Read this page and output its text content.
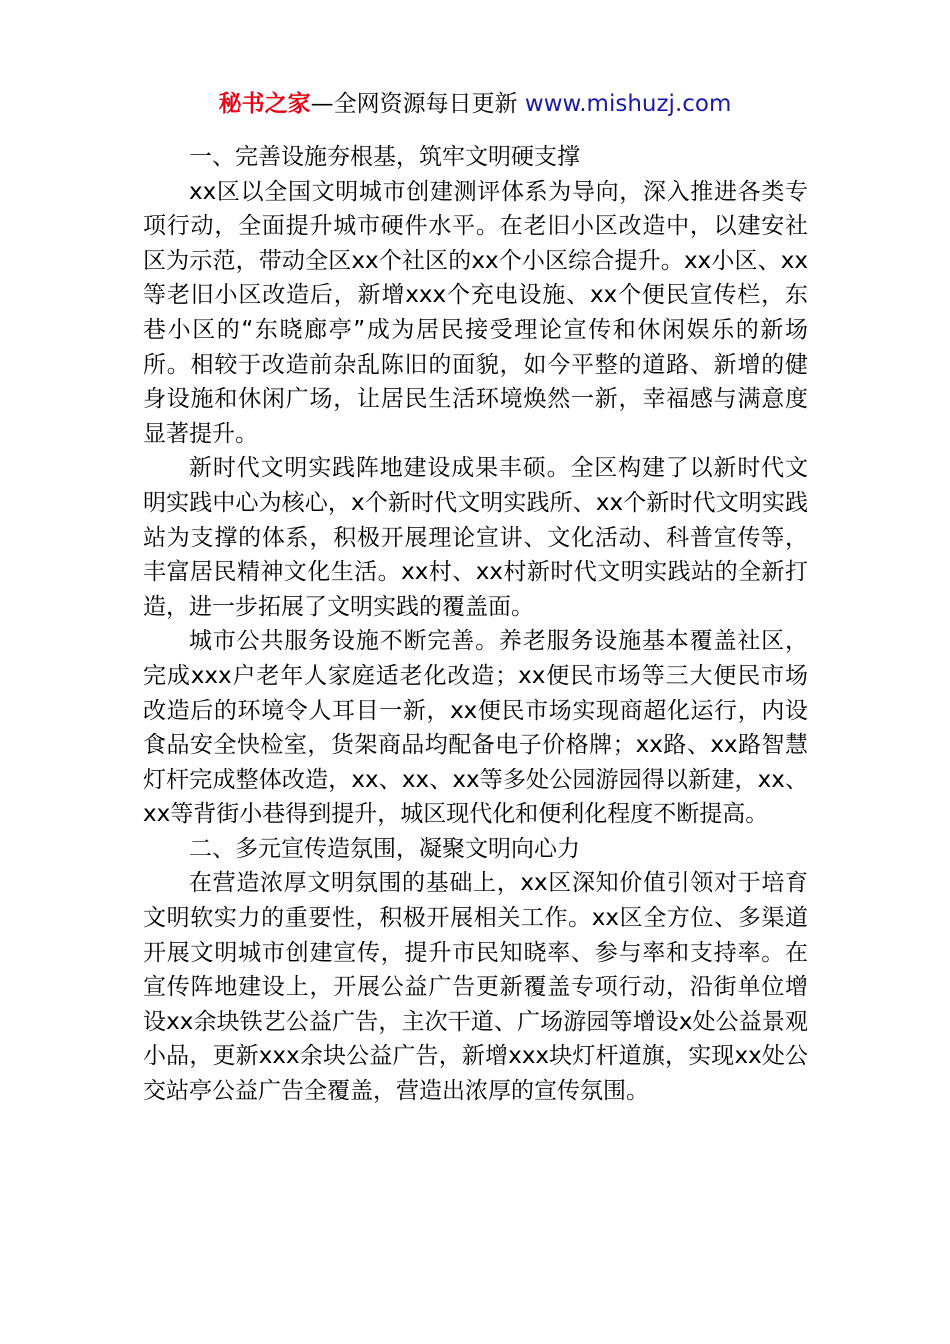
秘书之家—全网资源每日更新 www.mishuzj.com

一、完善设施夯根基，筑牢文明硬支撑

xx区以全国文明城市创建测评体系为导向，深入推进各类专项行动，全面提升城市硬件水平。在老旧小区改造中，以建安社区为示范，带动全区xx个社区的xx个小区综合提升。xx小区、xx等老旧小区改造后，新增xxx个充电设施、xx个便民宣传栏，东巷小区的“东晓廊亭”成为居民接受理论宣传和休闲娱乐的新场所。相较于改造前杂乱陈旧的面貌，如今平整的道路、新增的健身设施和休闲广场，让居民生活环境焕然一新，幸福感与满意度显著提升。

新时代文明实践阵地建设成果丰硕。全区构建了以新时代文明实践中心为核心，x个新时代文明实践所、xx个新时代文明实践站为支撑的体系，积极开展理论宣讲、文化活动、科普宣传等，丰富居民精神文化生活。xx村、xx村新时代文明实践站的全新打造，进一步拓展了文明实践的覆盖面。

城市公共服务设施不断完善。养老服务设施基本覆盖社区，完成xxx户老年人家庭适老化改造；xx便民市场等三大便民市场改造后的环境令人耳目一新，xx便民市场实现商超化运行，内设食品安全快检室，货架商品均配备电子价格牌；xx路、xx路智慧灯杆完成整体改造，xx、xx、xx等多处公园游园得以新建，xx、xx等背街小巷得到提升，城区现代化和便利化程度不断提高。

二、多元宣传造氛围，凝聚文明向心力

在营造浓厚文明氛围的基础上，xx区深知价值引领对于培育文明软实力的重要性，积极开展相关工作。xx区全方位、多渠道开展文明城市创建宣传，提升市民知晓率、参与率和支持率。在宣传阵地建设上，开展公益广告更新覆盖专项行动，沿街单位增设xx余块铁艺公益广告，主次干道、广场游园等增设x处公益景观小品，更新xxx余块公益广告，新增xxx块灯杆道旗，实现xx处公交站亭公益广告全覆盖，营造出浓厚的宣传氛围。
